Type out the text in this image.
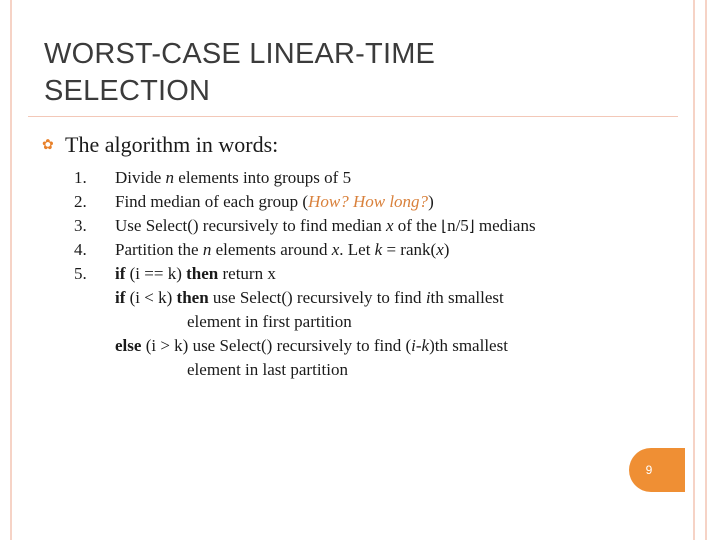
WORST-CASE LINEAR-TIME
SELECTION
✿ The algorithm in words:
1. Divide n elements into groups of 5
2. Find median of each group (How? How long?)
3. Use Select() recursively to find median x of the ⌊n/5⌋ medians
4. Partition the n elements around x. Let k = rank(x)
5. if (i == k) then return x
if (i < k) then use Select() recursively to find ith smallest
element in first partition
else (i > k) use Select() recursively to find (i-k)th smallest
element in last partition
9
